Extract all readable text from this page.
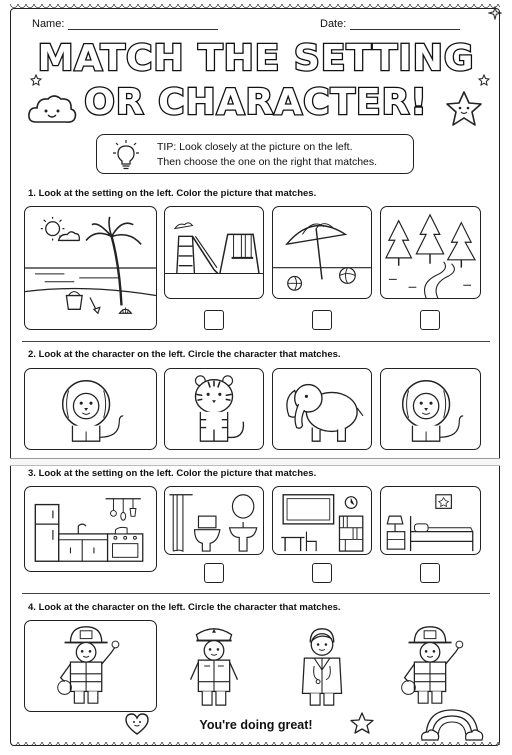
Name:	Date:
MATCH THE SETTING
OR CHARACTER!
TIP: Look closely at the picture on the left.
Then choose the one on the right that matches.
1. Look at the setting on the left. Color the picture that matches.
2. Look at the character on the left. Circle the character that matches.
3. Look at the setting on the left. Color the picture that matches.
4. Look at the character on the left. Circle the character that matches.
You're doing great!
